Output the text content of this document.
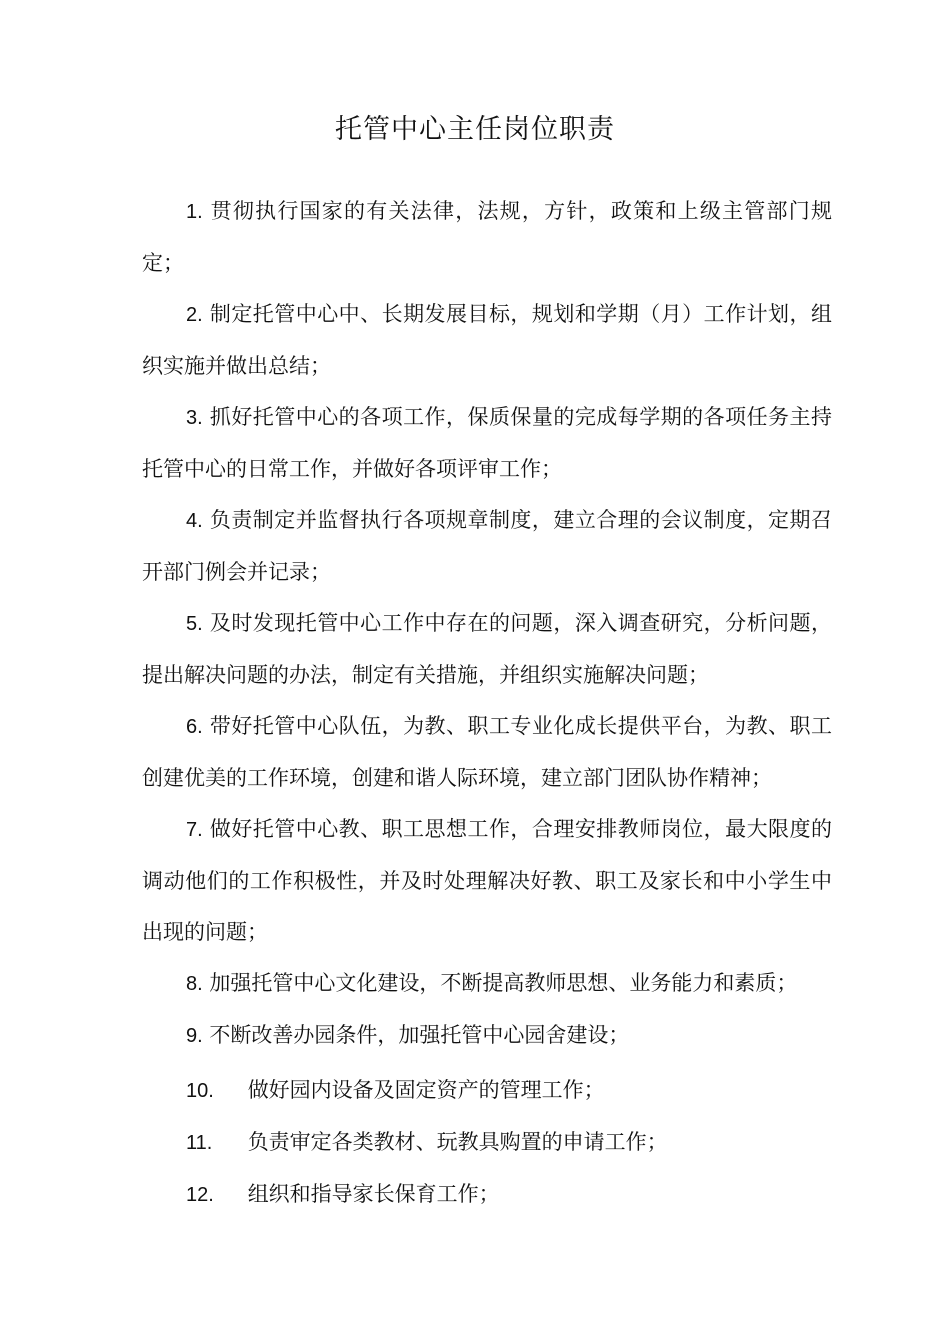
托管中心主任岗位职责
1. 贯彻执行国家的有关法律，法规，方针，政策和上级主管部门规定；
2. 制定托管中心中、长期发展目标，规划和学期（月）工作计划，组织实施并做出总结；
3. 抓好托管中心的各项工作，保质保量的完成每学期的各项任务主持托管中心的日常工作，并做好各项评审工作；
4. 负责制定并监督执行各项规章制度，建立合理的会议制度，定期召开部门例会并记录；
5. 及时发现托管中心工作中存在的问题，深入调查研究，分析问题，提出解决问题的办法，制定有关措施，并组织实施解决问题；
6. 带好托管中心队伍，为教、职工专业化成长提供平台，为教、职工创建优美的工作环境，创建和谐人际环境，建立部门团队协作精神；
7. 做好托管中心教、职工思想工作，合理安排教师岗位，最大限度的调动他们的工作积极性，并及时处理解决好教、职工及家长和中小学生中出现的问题；
8. 加强托管中心文化建设，不断提高教师思想、业务能力和素质；
9. 不断改善办园条件，加强托管中心园舍建设；
10. 做好园内设备及固定资产的管理工作；
11. 负责审定各类教材、玩教具购置的申请工作；
12. 组织和指导家长保育工作；
